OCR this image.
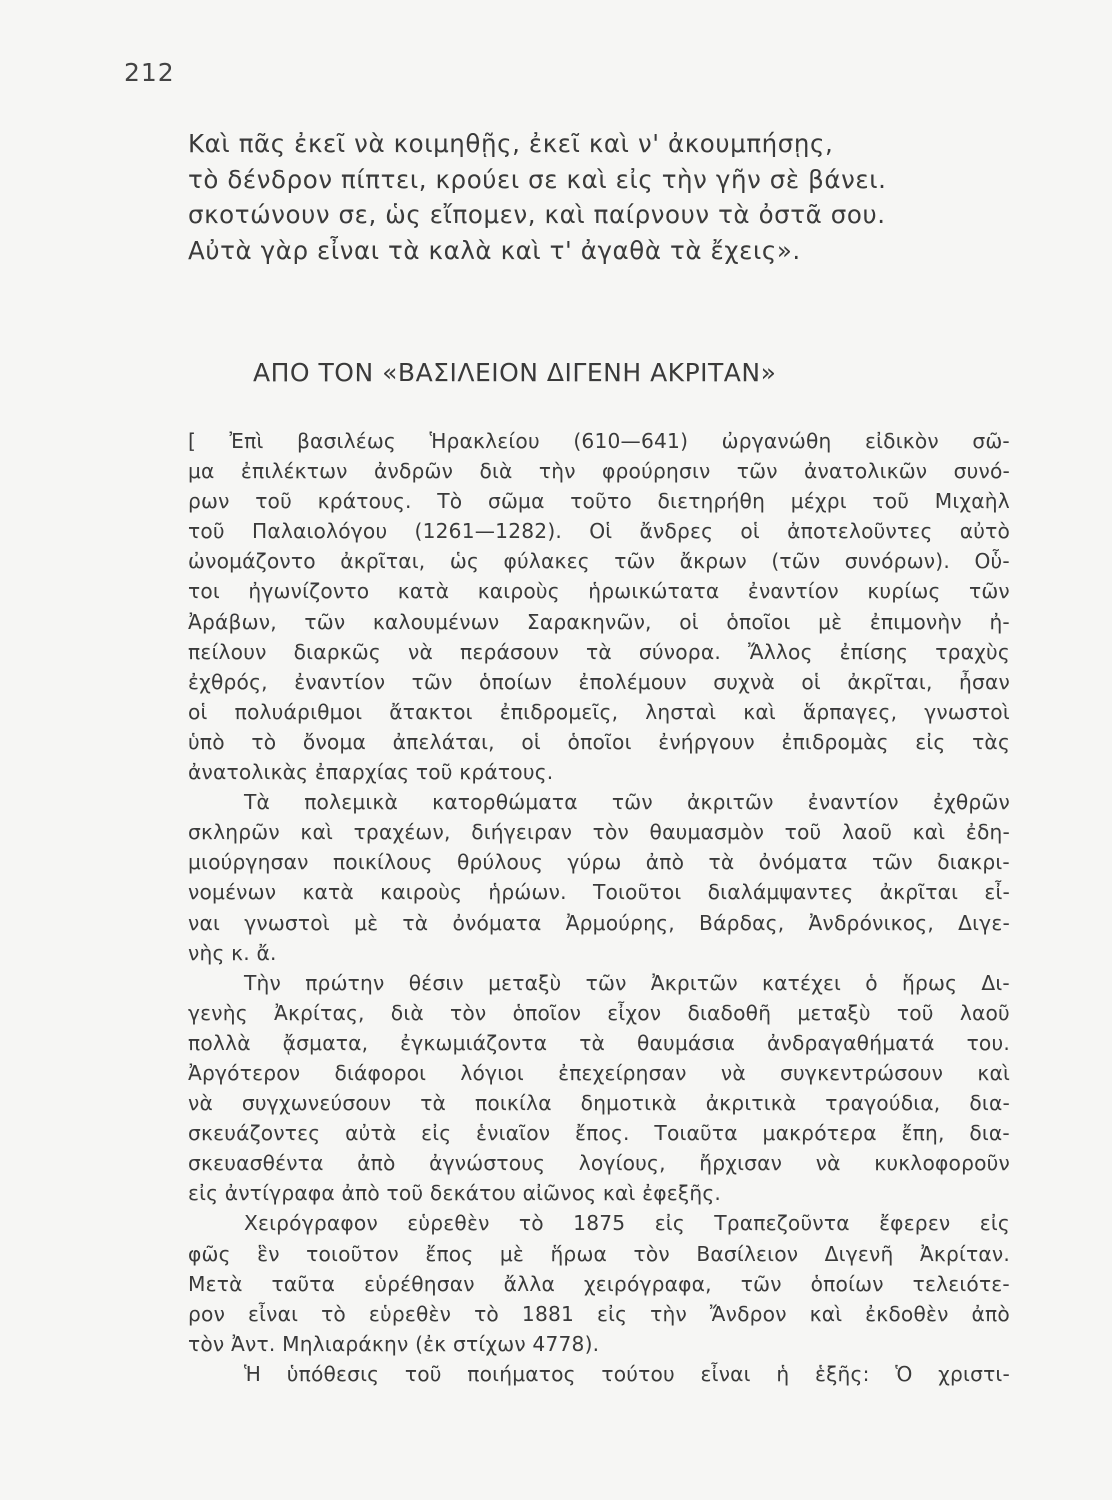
212
Καὶ πᾶς ἐκεῖ νὰ κοιμηθῇς, ἐκεῖ καὶ ν' ἀκουμπήσῃς,
τὸ δένδρον πίπτει, κρούει σε καὶ εἰς τὴν γῆν σὲ βάνει.
σκοτώνουν σε, ὡς εἴπομεν, καὶ παίρνουν τὰ ὀστᾶ σου.
Αὐτὰ γὰρ εἶναι τὰ καλὰ καὶ τ' ἀγαθὰ τὰ ἔχεις».
ΑΠΟ ΤΟΝ «ΒΑΣΙΛΕΙΟΝ ΔΙΓΕΝΗ ΑΚΡΙΤΑΝ»
[ Ἐπὶ βασιλέως Ἡρακλείου (610—641) ὠργανώθη εἰδικὸν σῶ-
μα ἐπιλέκτων ἀνδρῶν διὰ τὴν φρούρησιν τῶν ἀνατολικῶν συνό-
ρων τοῦ κράτους. Τὸ σῶμα τοῦτο διετηρήθη μέχρι τοῦ Μιχαὴλ
τοῦ Παλαιολόγου (1261—1282). Οἱ ἄνδρες οἱ ἀποτελοῦντες αὐτὸ
ὠνομάζοντο ἀκρῖται, ὡς φύλακες τῶν ἄκρων (τῶν συνόρων). Οὗ-
τοι ἠγωνίζοντο κατὰ καιροὺς ἡρωικώτατα ἐναντίον κυρίως τῶν
Ἀράβων, τῶν καλουμένων Σαρακηνῶν, οἱ ὁποῖοι μὲ ἐπιμονὴν ἠ-
πείλουν διαρκῶς νὰ περάσουν τὰ σύνορα. Ἄλλος ἐπίσης τραχὺς
ἐχθρός, ἐναντίον τῶν ὁποίων ἐπολέμουν συχνὰ οἱ ἀκρῖται, ἦσαν
οἱ πολυάριθμοι ἄτακτοι ἐπιδρομεῖς, λησταὶ καὶ ἅρπαγες, γνωστοὶ
ὑπὸ τὸ ὄνομα ἀπελάται, οἱ ὁποῖοι ἐνήργουν ἐπιδρομὰς εἰς τὰς
ἀνατολικὰς ἐπαρχίας τοῦ κράτους.
Τὰ πολεμικὰ κατορθώματα τῶν ἀκριτῶν ἐναντίον ἐχθρῶν
σκληρῶν καὶ τραχέων, διήγειραν τὸν θαυμασμὸν τοῦ λαοῦ καὶ ἐδη-
μιούργησαν ποικίλους θρύλους γύρω ἀπὸ τὰ ὀνόματα τῶν διακρι-
νομένων κατὰ καιροὺς ἡρώων. Τοιοῦτοι διαλάμψαντες ἀκρῖται εἶ-
ναι γνωστοὶ μὲ τὰ ὀνόματα Ἀρμούρης, Βάρδας, Ἀνδρόνικος, Διγε-
νὴς κ. ἄ.
Τὴν πρώτην θέσιν μεταξὺ τῶν Ἀκριτῶν κατέχει ὁ ἥρως Δι-
γενὴς Ἀκρίτας, διὰ τὸν ὁποῖον εἶχον διαδοθῆ μεταξὺ τοῦ λαοῦ
πολλὰ ᾄσματα, ἐγκωμιάζοντα τὰ θαυμάσια ἀνδραγαθήματά του.
Ἀργότερον διάφοροι λόγιοι ἐπεχείρησαν νὰ συγκεντρώσουν καὶ
νὰ συγχωνεύσουν τὰ ποικίλα δημοτικὰ ἀκριτικὰ τραγούδια, δια-
σκευάζοντες αὐτὰ εἰς ἑνιαῖον ἔπος. Τοιαῦτα μακρότερα ἔπη, δια-
σκευασθέντα ἀπὸ ἀγνώστους λογίους, ἤρχισαν νὰ κυκλοφοροῦν
εἰς ἀντίγραφα ἀπὸ τοῦ δεκάτου αἰῶνος καὶ ἐφεξῆς.
Χειρόγραφον εὑρεθὲν τὸ 1875 εἰς Τραπεζοῦντα ἔφερεν εἰς
φῶς ἓν τοιοῦτον ἔπος μὲ ἥρωα τὸν Βασίλειον Διγενῆ Ἀκρίταν.
Μετὰ ταῦτα εὑρέθησαν ἄλλα χειρόγραφα, τῶν ὁποίων τελειότε-
ρον εἶναι τὸ εὑρεθὲν τὸ 1881 εἰς τὴν Ἄνδρον καὶ ἐκδοθὲν ἀπὸ
τὸν Ἀντ. Μηλιαράκην (ἐκ στίχων 4778).
Ἡ ὑπόθεσις τοῦ ποιήματος τούτου εἶναι ἡ ἑξῆς: Ὁ χριστι-
